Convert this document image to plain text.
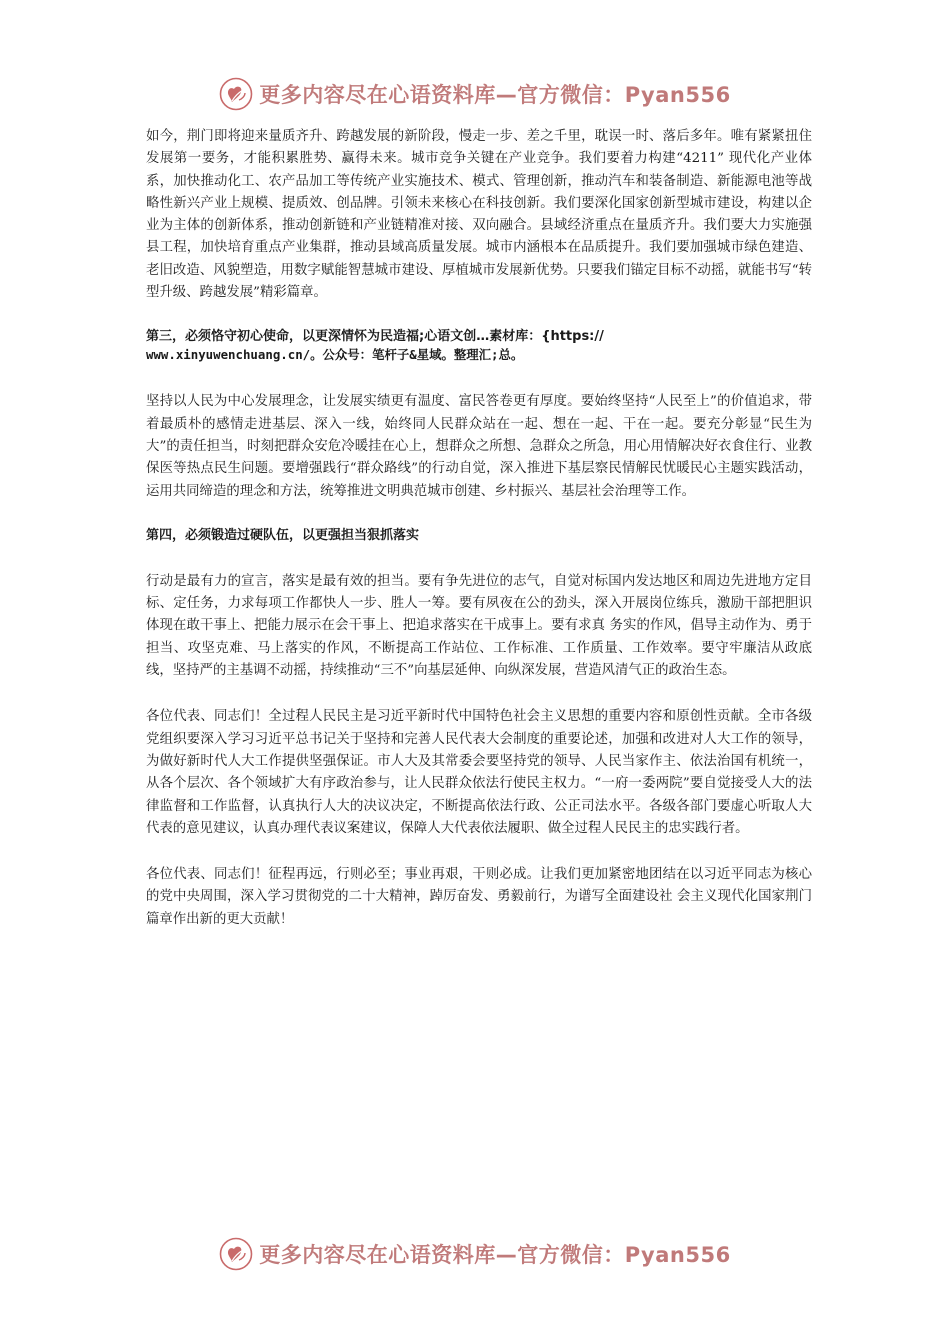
更多内容尽在心语资料库—官方微信：Pyan556

如今，荆门即将迎来量质齐升、跨越发展的新阶段，慢走一步、差之千里，耽误一时、落后多年。唯有紧紧扭住发展第一要务，才能积累胜势、赢得未来。城市竞争关键在产业竞争。我们要着力构建“4211” 现代化产业体系，加快推动化工、农产品加工等传统产业实施技术、模式、管理创新，推动汽车和装备制造、新能源电池等战略性新兴产业上规模、提质效、创品牌。引领未来核心在科技创新。我们要深化国家创新型城市建设，构建以企业为主体的创新体系，推动创新链和产业链精准对接、双向融合。县域经济重点在量质齐升。我们要大力实施强县工程，加快培育重点产业集群，推动县域高质量发展。城市内涵根本在品质提升。我们要加强城市绿色建造、老旧改造、风貌塑造，用数字赋能智慧城市建设、厚植城市发展新优势。只要我们锚定目标不动摇，就能书写“转型升级、跨越发展”精彩篇章。

第三，必须恪守初心使命，以更深情怀为民造福;心语文创…素材库：{https://
www.xinyuwenchuang.cn/。公众号：笔杆子&星域。整理汇;总。

坚持以人民为中心发展理念，让发展实绩更有温度、富民答卷更有厚度。要始终坚持“人民至上”的价值追求，带着最质朴的感情走进基层、深入一线，始终同人民群众站在一起、想在一起、干在一起。要充分彰显“民生为大”的责任担当，时刻把群众安危冷暖挂在心上，想群众之所想、急群众之所急，用心用情解决好衣食住行、业教保医等热点民生问题。要增强践行“群众路线”的行动自觉，深入推进下基层察民情解民忧暖民心主题实践活动，运用共同缔造的理念和方法，统筹推进文明典范城市创建、乡村振兴、基层社会治理等工作。

第四，必须锻造过硬队伍，以更强担当狠抓落实

行动是最有力的宣言，落实是最有效的担当。要有争先进位的志气，自觉对标国内发达地区和周边先进地方定目标、定任务，力求每项工作都快人一步、胜人一筹。要有夙夜在公的劲头，深入开展岗位练兵，激励干部把胆识体现在敢干事上、把能力展示在会干事上、把追求落实在干成事上。要有求真 务实的作风，倡导主动作为、勇于担当、攻坚克难、马上落实的作风，不断提高工作站位、工作标准、工作质量、工作效率。要守牢廉洁从政底线，坚持严的主基调不动摇，持续推动“三不”向基层延伸、向纵深发展，营造风清气正的政治生态。

各位代表、同志们！全过程人民民主是习近平新时代中国特色社会主义思想的重要内容和原创性贡献。全市各级党组织要深入学习习近平总书记关于坚持和完善人民代表大会制度的重要论述，加强和改进对人大工作的领导，为做好新时代人大工作提供坚强保证。市人大及其常委会要坚持党的领导、人民当家作主、依法治国有机统一，从各个层次、各个领域扩大有序政治参与，让人民群众依法行使民主权力。“一府一委两院”要自觉接受人大的法律监督和工作监督，认真执行人大的决议决定，不断提高依法行政、公正司法水平。各级各部门要虚心听取人大代表的意见建议，认真办理代表议案建议，保障人大代表依法履职、做全过程人民民主的忠实践行者。

各位代表、同志们！征程再远，行则必至；事业再艰，干则必成。让我们更加紧密地团结在以习近平同志为核心的党中央周围，深入学习贯彻党的二十大精神，踔厉奋发、勇毅前行，为谱写全面建设社 会主义现代化国家荆门篇章作出新的更大贡献！

更多内容尽在心语资料库—官方微信：Pyan556
